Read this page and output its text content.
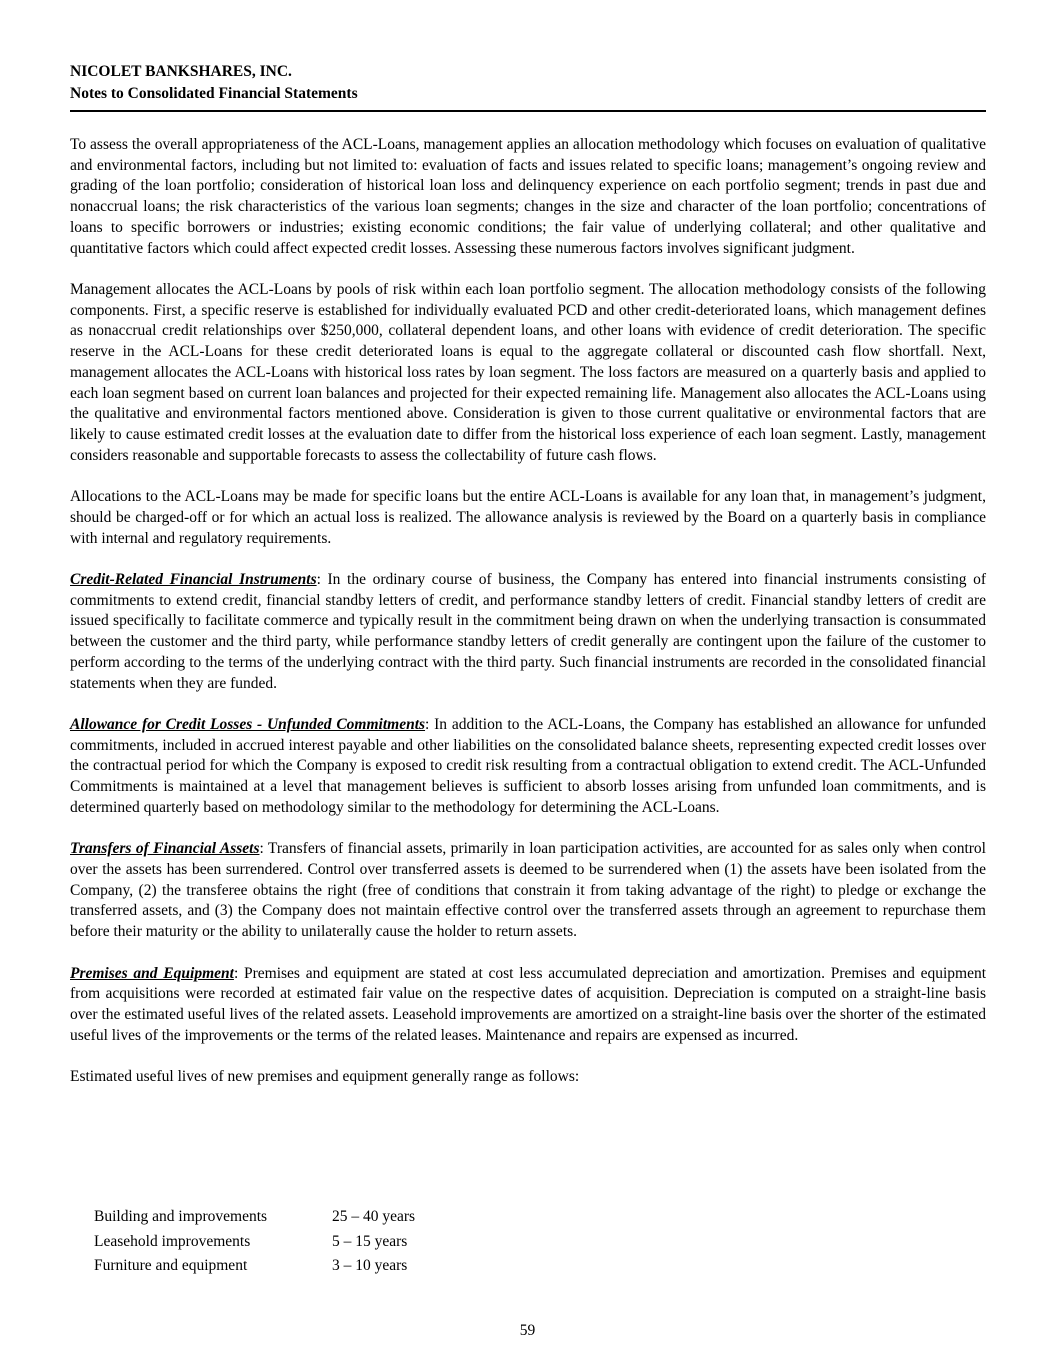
NICOLET BANKSHARES, INC.
Notes to Consolidated Financial Statements

To assess the overall appropriateness of the ACL-Loans, management applies an allocation methodology which focuses on evaluation of qualitative and environmental factors, including but not limited to: evaluation of facts and issues related to specific loans; management’s ongoing review and grading of the loan portfolio; consideration of historical loan loss and delinquency experience on each portfolio segment; trends in past due and nonaccrual loans; the risk characteristics of the various loan segments; changes in the size and character of the loan portfolio; concentrations of loans to specific borrowers or industries; existing economic conditions; the fair value of underlying collateral; and other qualitative and quantitative factors which could affect expected credit losses. Assessing these numerous factors involves significant judgment.

Management allocates the ACL-Loans by pools of risk within each loan portfolio segment. The allocation methodology consists of the following components. First, a specific reserve is established for individually evaluated PCD and other credit-deteriorated loans, which management defines as nonaccrual credit relationships over $250,000, collateral dependent loans, and other loans with evidence of credit deterioration. The specific reserve in the ACL-Loans for these credit deteriorated loans is equal to the aggregate collateral or discounted cash flow shortfall. Next, management allocates the ACL-Loans with historical loss rates by loan segment. The loss factors are measured on a quarterly basis and applied to each loan segment based on current loan balances and projected for their expected remaining life. Management also allocates the ACL-Loans using the qualitative and environmental factors mentioned above. Consideration is given to those current qualitative or environmental factors that are likely to cause estimated credit losses at the evaluation date to differ from the historical loss experience of each loan segment. Lastly, management considers reasonable and supportable forecasts to assess the collectability of future cash flows.

Allocations to the ACL-Loans may be made for specific loans but the entire ACL-Loans is available for any loan that, in management’s judgment, should be charged-off or for which an actual loss is realized. The allowance analysis is reviewed by the Board on a quarterly basis in compliance with internal and regulatory requirements.

Credit-Related Financial Instruments: In the ordinary course of business, the Company has entered into financial instruments consisting of commitments to extend credit, financial standby letters of credit, and performance standby letters of credit. Financial standby letters of credit are issued specifically to facilitate commerce and typically result in the commitment being drawn on when the underlying transaction is consummated between the customer and the third party, while performance standby letters of credit generally are contingent upon the failure of the customer to perform according to the terms of the underlying contract with the third party. Such financial instruments are recorded in the consolidated financial statements when they are funded.

Allowance for Credit Losses - Unfunded Commitments: In addition to the ACL-Loans, the Company has established an allowance for unfunded commitments, included in accrued interest payable and other liabilities on the consolidated balance sheets, representing expected credit losses over the contractual period for which the Company is exposed to credit risk resulting from a contractual obligation to extend credit. The ACL-Unfunded Commitments is maintained at a level that management believes is sufficient to absorb losses arising from unfunded loan commitments, and is determined quarterly based on methodology similar to the methodology for determining the ACL-Loans.

Transfers of Financial Assets: Transfers of financial assets, primarily in loan participation activities, are accounted for as sales only when control over the assets has been surrendered. Control over transferred assets is deemed to be surrendered when (1) the assets have been isolated from the Company, (2) the transferee obtains the right (free of conditions that constrain it from taking advantage of the right) to pledge or exchange the transferred assets, and (3) the Company does not maintain effective control over the transferred assets through an agreement to repurchase them before their maturity or the ability to unilaterally cause the holder to return assets.

Premises and Equipment: Premises and equipment are stated at cost less accumulated depreciation and amortization. Premises and equipment from acquisitions were recorded at estimated fair value on the respective dates of acquisition. Depreciation is computed on a straight-line basis over the estimated useful lives of the related assets. Leasehold improvements are amortized on a straight-line basis over the shorter of the estimated useful lives of the improvements or the terms of the related leases. Maintenance and repairs are expensed as incurred.

Estimated useful lives of new premises and equipment generally range as follows:

Building and improvements	25 – 40 years
Leasehold improvements	5 – 15 years
Furniture and equipment	3 – 10 years
59
